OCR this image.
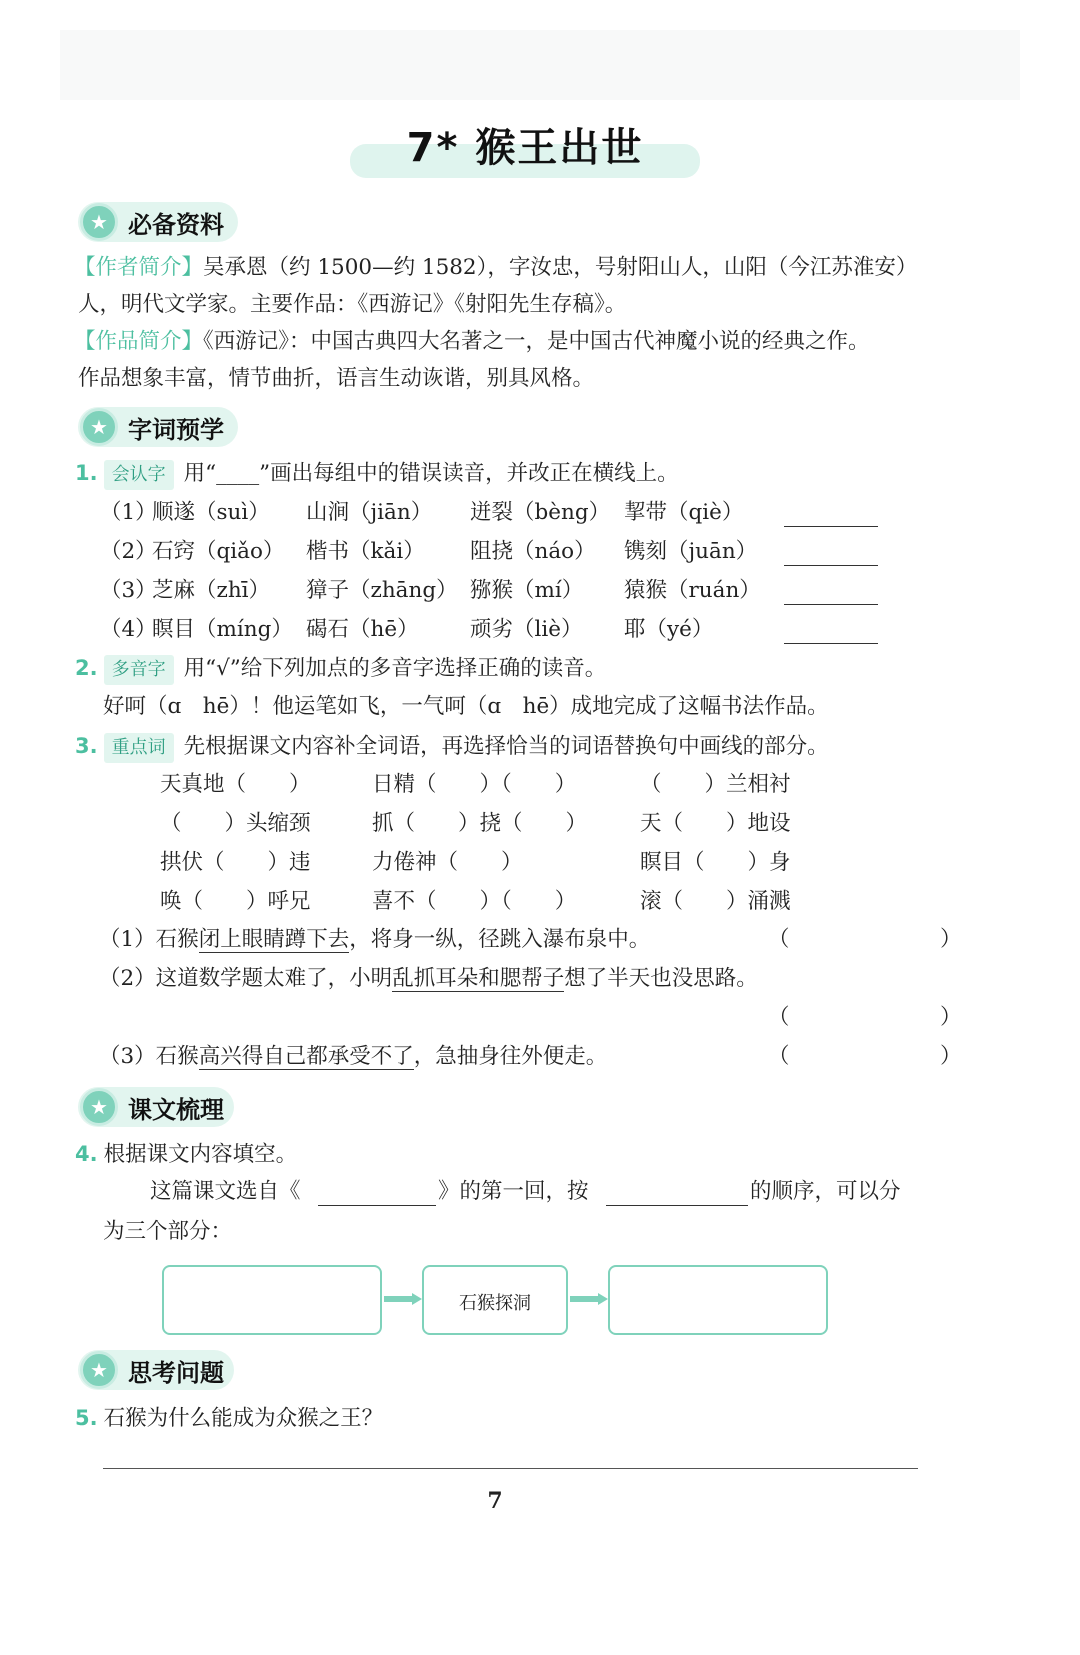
7* 猴王出世
★ 必备资料
【作者简介】吴承恩（约 1500—约 1582），字汝忠，号射阳山人，山阳（今江苏淮安）
人，明代文学家。主要作品：《西游记》《射阳先生存稿》。
【作品简介】《西游记》：中国古典四大名著之一，是中国古代神魔小说的经典之作。
作品想象丰富，情节曲折，语言生动诙谐，别具风格。
★ 字词预学
1. 会认字 用“____”画出每组中的错误读音，并改正在横线上。
（1）
顺遂（suì） 山涧（jiān） 迸裂（bèng） 挈带（qiè）
（2）
石窍（qiǎo） 楷书（kǎi） 阻挠（náo） 镌刻（juān）
（3）
芝麻（zhī） 獐子（zhāng） 猕猴（mí） 猿猴（ruán）
（4）
瞑目（míng） 碣石（hē） 顽劣（liè） 耶（yé）
2. 多音字 用“√”给下列加点的多音字选择正确的读音。
好呵（ɑ　hē）！他运笔如飞，一气呵（ɑ　hē）成地完成了这幅书法作品。
3. 重点词 先根据课文内容补全词语，再选择恰当的词语替换句中画线的部分。
天真地（　　）	日精（　　）（　　）	（　　）兰相衬
（　　）头缩颈	抓（　　）挠（　　） 天（　　）地设
拱伏（　　）违	力倦神（　　）	瞑目（　　）身
唤（　　）呼兄	喜不（　　）（　　）	滚（　　）涌溅
（1）石猴闭上眼睛蹲下去，将身一纵，径跳入瀑布泉中。	（　　　　　　　）
（2）这道数学题太难了，小明乱抓耳朵和腮帮子想了半天也没思路。
（　　　　　　　）
（3）石猴高兴得自己都承受不了，急抽身往外便走。	（　　　　　　　）
★ 课文梳理
4. 根据课文内容填空。
这篇课文选自《	》的第一回，按	的顺序，可以分
为三个部分：
石猴探洞
★ 思考问题
5. 石猴为什么能成为众猴之王？
7
